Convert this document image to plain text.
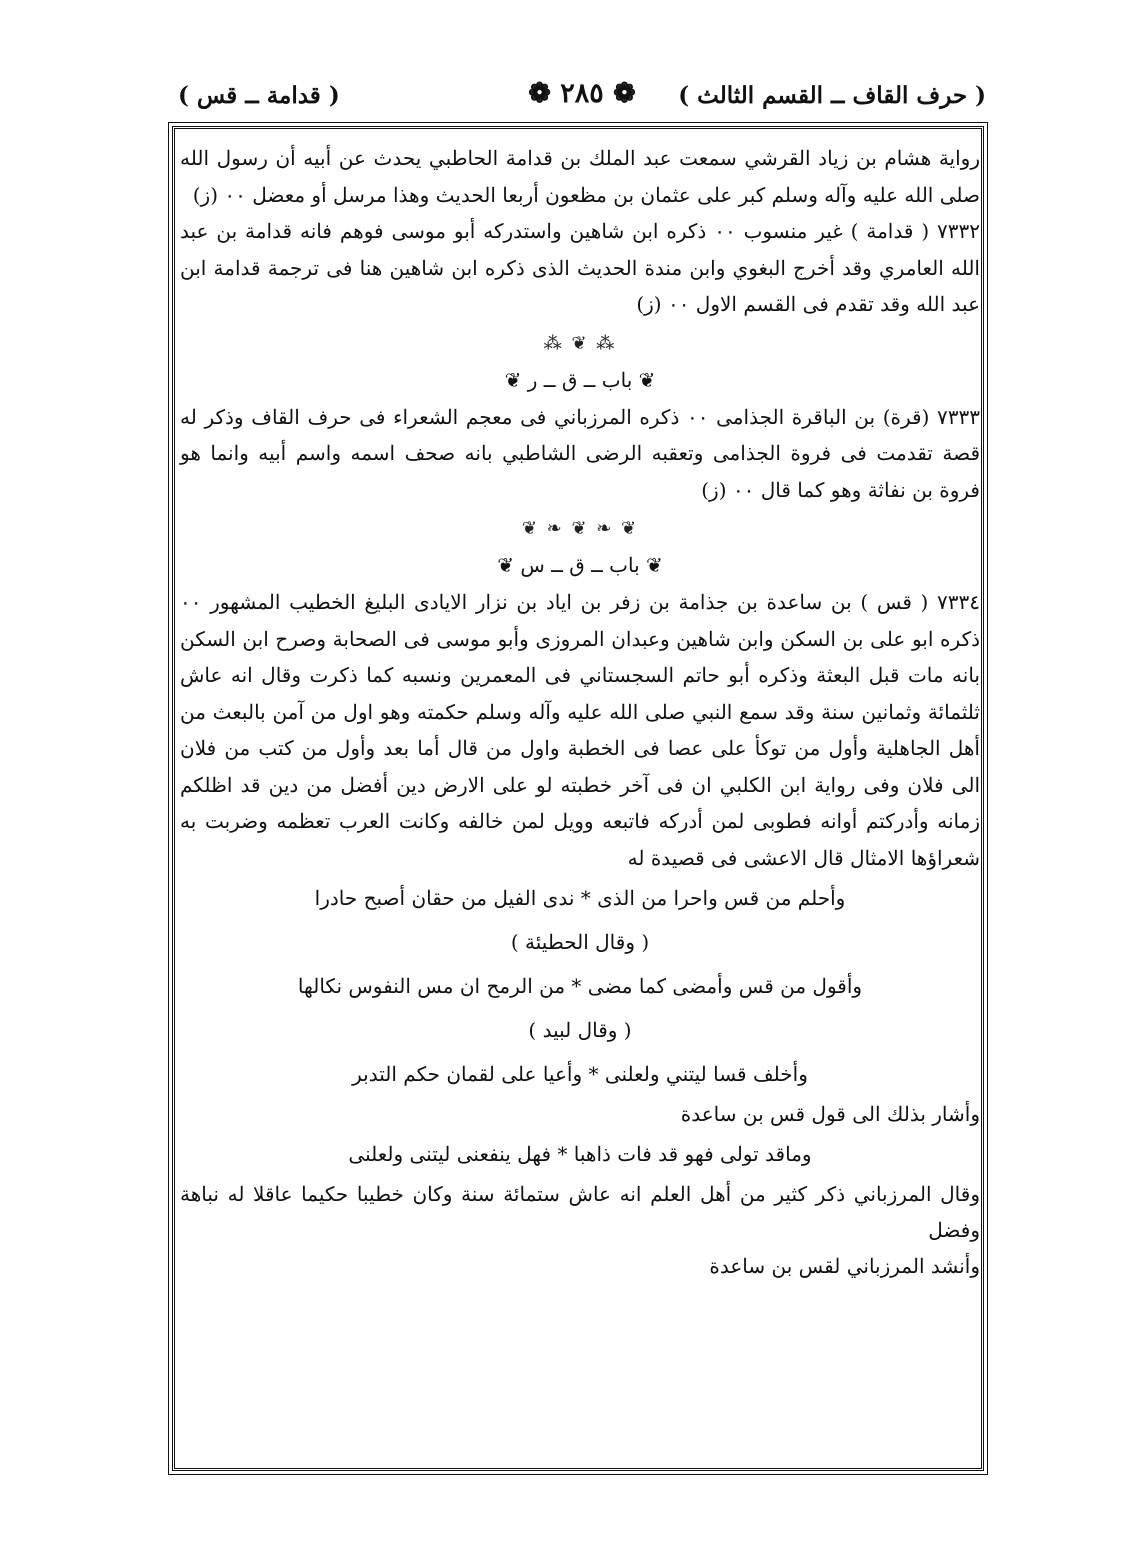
( حرف القاف ــ القسم الثالث )
❁ ٢٨٥ ❁
( قدامة ــ قس )

رواية هشام بن زياد القرشي سمعت عبد الملك بن قدامة الحاطبي يحدث عن أبيه أن رسول الله صلى الله عليه وآله وسلم كبر على عثمان بن مظعون أربعا الحديث وهذا مرسل أو معضل ٠٠ (ز)

٧٣٣٢ ( قدامة ) غير منسوب ٠٠ ذكره ابن شاهين واستدركه أبو موسى فوهم فانه قدامة بن عبد الله العامري وقد أخرج البغوي وابن مندة الحديث الذى ذكره ابن شاهين هنا فى ترجمة قدامة ابن عبد الله وقد تقدم فى القسم الاول ٠٠ (ز)

⁂ ❦ ⁂
❦ باب ــ ق ــ ر ❦

٧٣٣٣ (قرة) بن الباقرة الجذامى ٠٠ ذكره المرزباني فى معجم الشعراء فى حرف القاف وذكر له قصة تقدمت فى فروة الجذامى وتعقبه الرضى الشاطبي بانه صحف اسمه واسم أبيه وانما هو فروة بن نفاثة وهو كما قال ٠٠ (ز)

❦ ❧ ❦ ❧ ❦
❦ باب ــ ق ــ س ❦

٧٣٣٤ ( قس ) بن ساعدة بن جذامة بن زفر بن اياد بن نزار الايادى البليغ الخطيب المشهور ٠٠ ذكره ابو على بن السكن وابن شاهين وعبدان المروزى وأبو موسى فى الصحابة وصرح ابن السكن بانه مات قبل البعثة وذكره أبو حاتم السجستاني فى المعمرين ونسبه كما ذكرت وقال انه عاش ثلثمائة وثمانين سنة وقد سمع النبي صلى الله عليه وآله وسلم حكمته وهو اول من آمن بالبعث من أهل الجاهلية وأول من توكأ على عصا فى الخطبة واول من قال أما بعد وأول من كتب من فلان الى فلان وفى رواية ابن الكلبي ان فى آخر خطبته لو على الارض دين أفضل من دين قد اظلكم زمانه وأدركتم أوانه فطوبى لمن أدركه فاتبعه وويل لمن خالفه وكانت العرب تعظمه وضربت به شعراؤها الامثال قال الاعشى فى قصيدة له

وأحلم من قس واحرا من الذى * ندى الفيل من حقان أصبح حادرا
( وقال الحطيئة )
وأقول من قس وأمضى كما مضى * من الرمح ان مس النفوس نكالها
( وقال لبيد )
وأخلف قسا ليتني ولعلنى * وأعيا على لقمان حكم التدبر

وأشار بذلك الى قول قس بن ساعدة

وماقد تولى فهو قد فات ذاهبا * فهل ينفعنى ليتنى ولعلنى

وقال المرزباني ذكر كثير من أهل العلم انه عاش ستمائة سنة وكان خطيبا حكيما عاقلا له نباهة وفضل

وأنشد المرزباني لقس بن ساعدة
